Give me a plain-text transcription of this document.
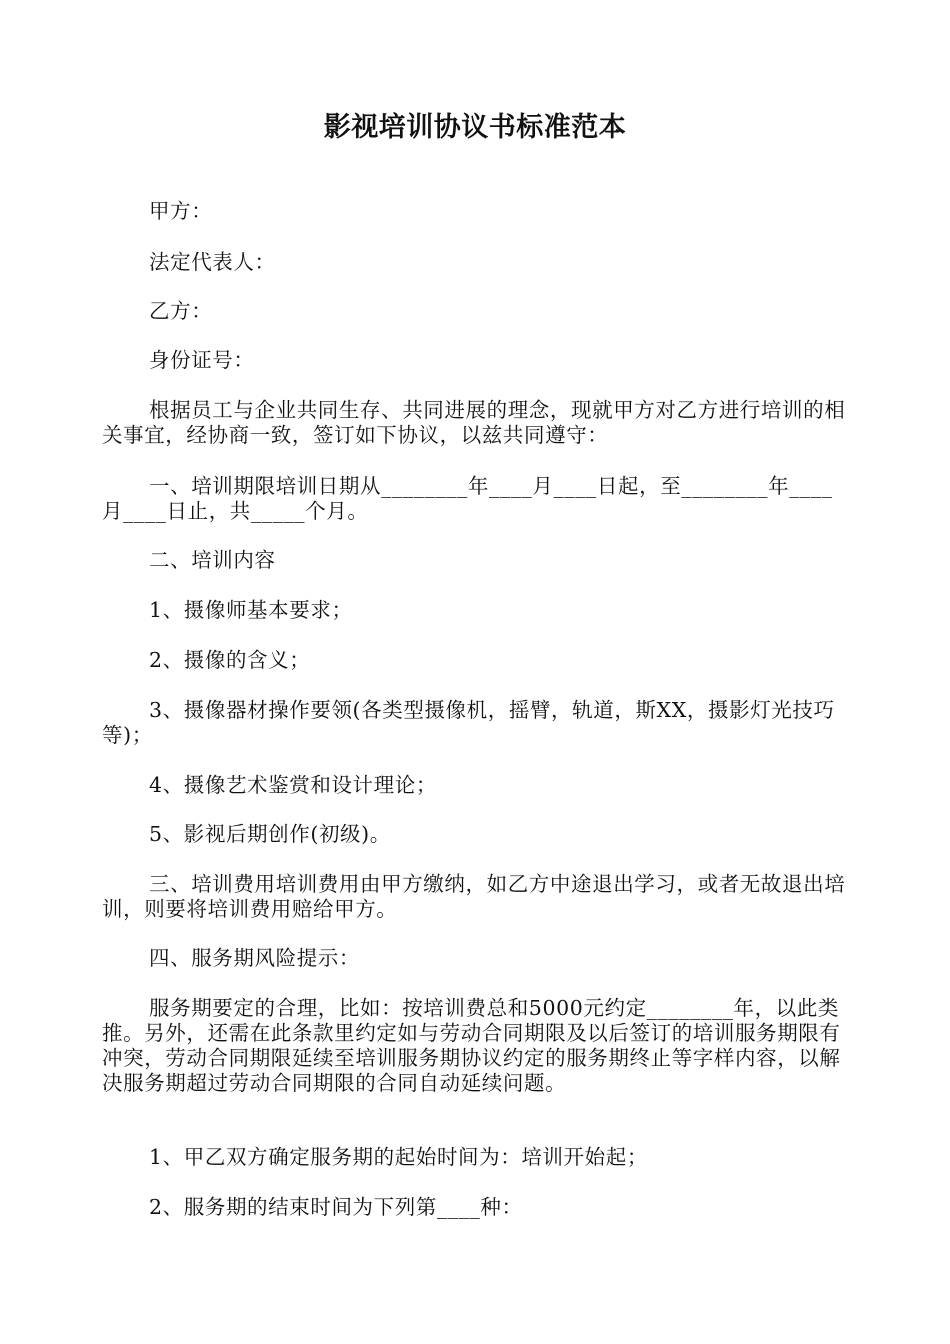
影视培训协议书标准范本

甲方：

法定代表人：

乙方：

身份证号：

根据员工与企业共同生存、共同进展的理念，现就甲方对乙方进行培训的相关事宜，经协商一致，签订如下协议，以兹共同遵守：

一、培训期限培训日期从________年____月____日起，至________年____月____日止，共_____个月。

二、培训内容

1、摄像师基本要求；

2、摄像的含义；

3、摄像器材操作要领(各类型摄像机，摇臂，轨道，斯XX，摄影灯光技巧等)；

4、摄像艺术鉴赏和设计理论；

5、影视后期创作(初级)。

三、培训费用培训费用由甲方缴纳，如乙方中途退出学习，或者无故退出培训，则要将培训费用赔给甲方。

四、服务期风险提示：

服务期要定的合理，比如：按培训费总和5000元约定________年，以此类推。另外，还需在此条款里约定如与劳动合同期限及以后签订的培训服务期限有冲突，劳动合同期限延续至培训服务期协议约定的服务期终止等字样内容，以解决服务期超过劳动合同期限的合同自动延续问题。

1、甲乙双方确定服务期的起始时间为：培训开始起；

2、服务期的结束时间为下列第____种：
